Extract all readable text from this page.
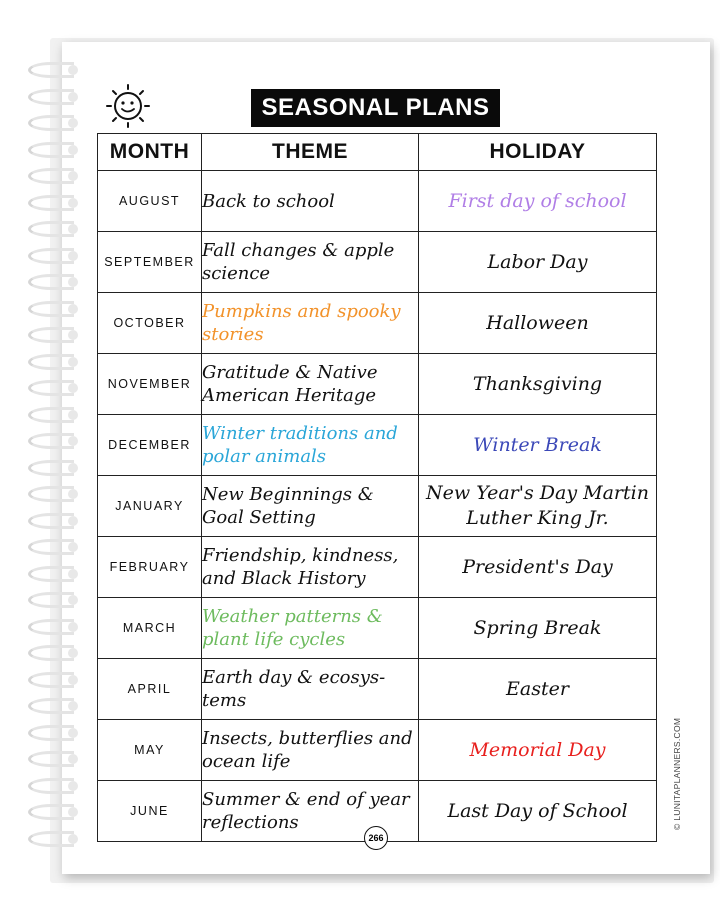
SEASONAL PLANS
MONTH	THEME	HOLIDAY
AUGUST	Back to school	First day of school
SEPTEMBER	Fall changes & apple science	Labor Day
OCTOBER	Pumpkins and spooky stories	Halloween
NOVEMBER	Gratitude & Native American Heritage	Thanksgiving
DECEMBER	Winter traditions and polar animals	Winter Break
JANUARY	New Beginnings & Goal Setting	New Year's Day Martin Luther King Jr.
FEBRUARY	Friendship, kindness, and Black History	President's Day
MARCH	Weather patterns & plant life cycles	Spring Break
APRIL	Earth day & ecosys-tems	Easter
MAY	Insects, butterflies and ocean life	Memorial Day
JUNE	Summer & end of year reflections	Last Day of School
266
© LUNITAPLANNERS.COM
